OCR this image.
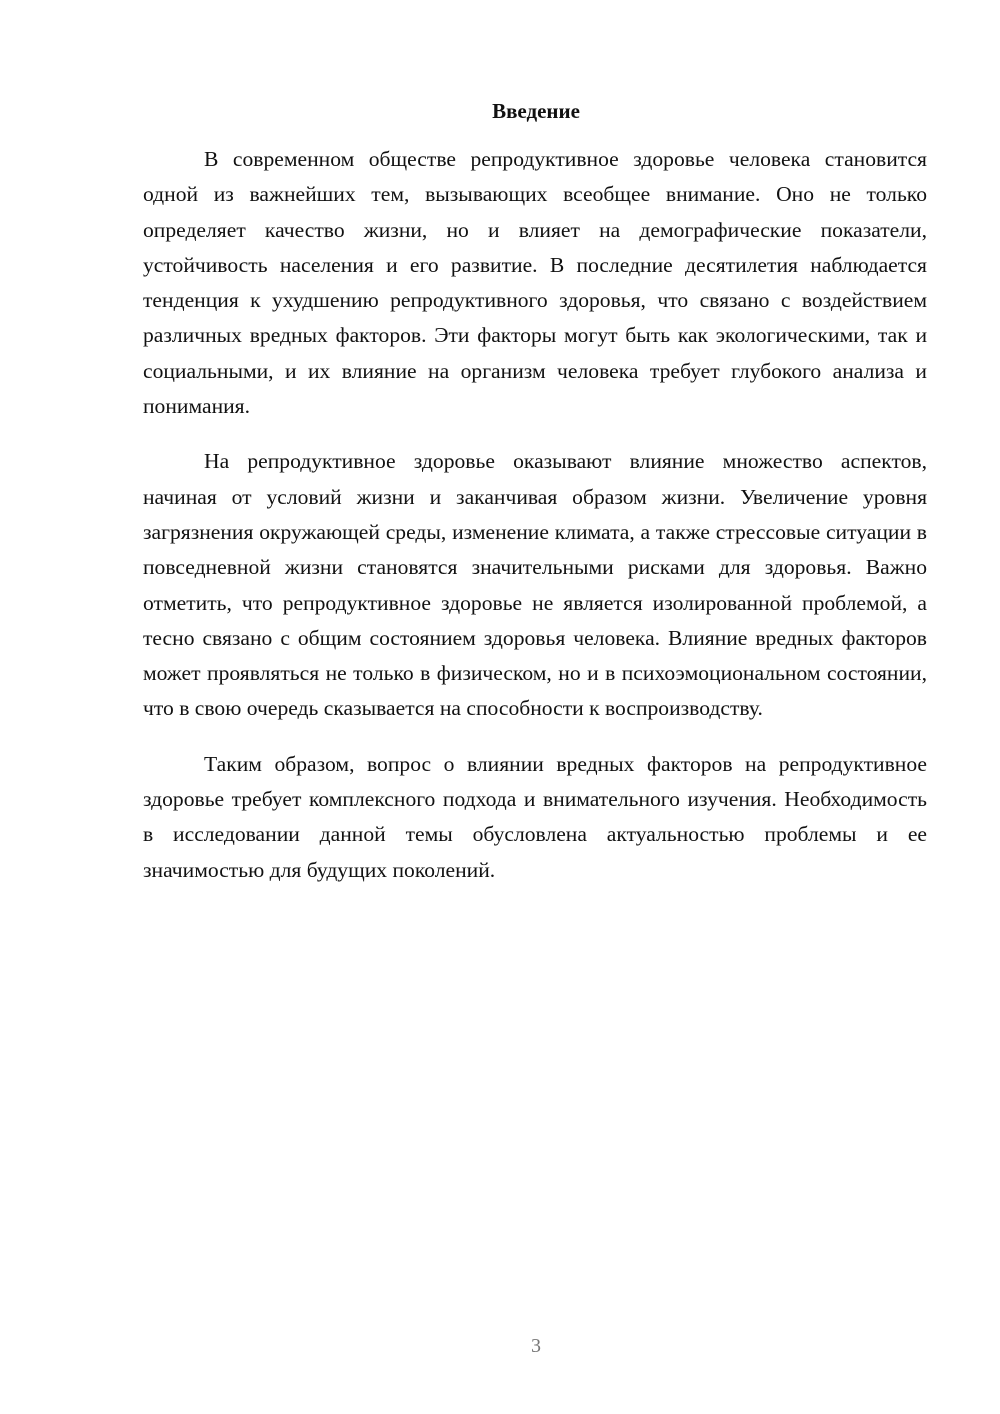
Введение

В современном обществе репродуктивное здоровье человека становится одной из важнейших тем, вызывающих всеобщее внимание. Оно не только определяет качество жизни, но и влияет на демографические показатели, устойчивость населения и его развитие. В последние десятилетия наблюдается тенденция к ухудшению репродуктивного здоровья, что связано с воздействием различных вредных факторов. Эти факторы могут быть как экологическими, так и социальными, и их влияние на организм человека требует глубокого анализа и понимания.

На репродуктивное здоровье оказывают влияние множество аспектов, начиная от условий жизни и заканчивая образом жизни. Увеличение уровня загрязнения окружающей среды, изменение климата, а также стрессовые ситуации в повседневной жизни становятся значительными рисками для здоровья. Важно отметить, что репродуктивное здоровье не является изолированной проблемой, а тесно связано с общим состоянием здоровья человека. Влияние вредных факторов может проявляться не только в физическом, но и в психоэмоциональном состоянии, что в свою очередь сказывается на способности к воспроизводству.

Таким образом, вопрос о влиянии вредных факторов на репродуктивное здоровье требует комплексного подхода и внимательного изучения. Необходимость в исследовании данной темы обусловлена актуальностью проблемы и ее значимостью для будущих поколений.

3
